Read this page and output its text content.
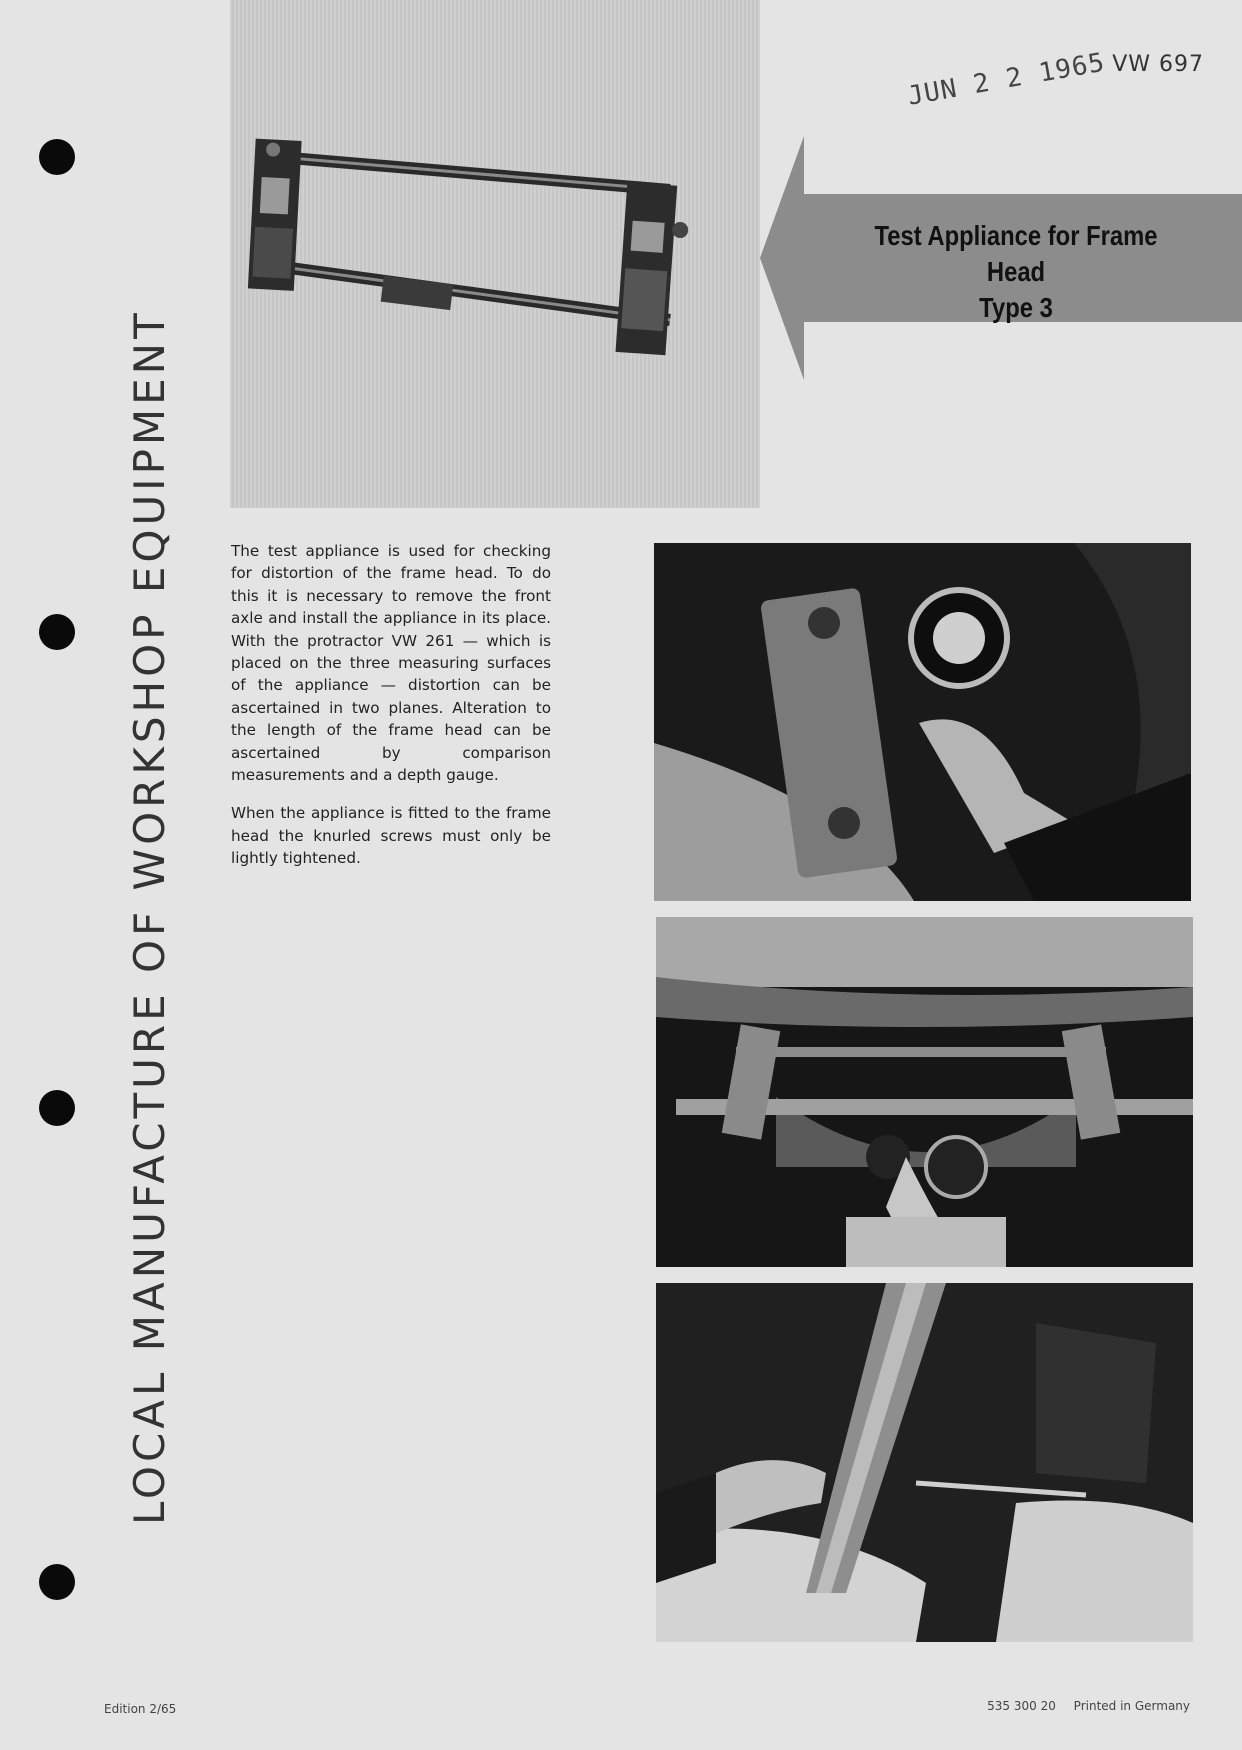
LOCAL MANUFACTURE OF WORKSHOP EQUIPMENT
VW 697
JUN 2 2 1965
Test Appliance for Frame Head
Type 3

The test appliance is used for checking for distortion of the frame head. To do this it is necessary to remove the front axle and install the appliance in its place. With the protractor VW 261 — which is placed on the three measuring surfaces of the appliance — distortion can be ascertained in two planes. Alteration to the length of the frame head can be ascertained by comparison measurements and a depth gauge.

When the appliance is fitted to the frame head the knurled screws must only be lightly tightened.

Edition 2/65	535 300 20 Printed in Germany
